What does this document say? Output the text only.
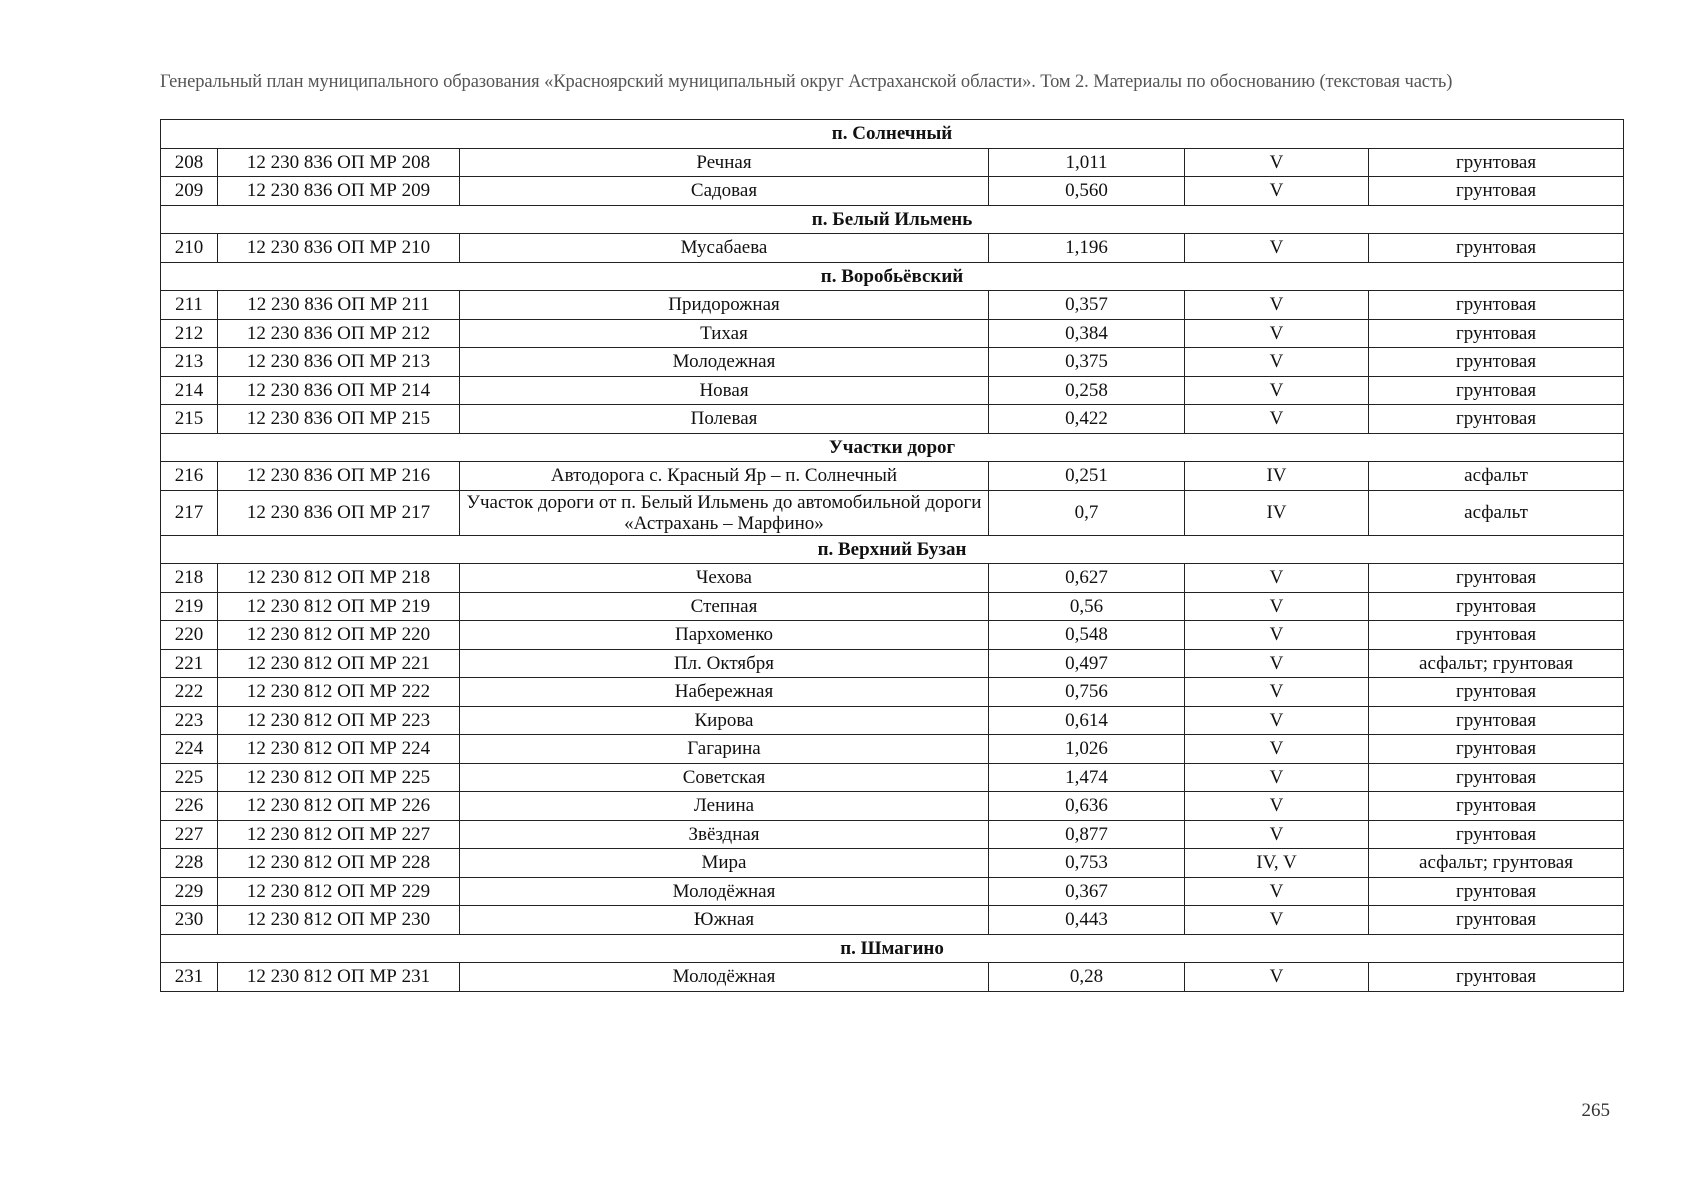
Генеральный план муниципального образования «Красноярский муниципальный округ Астраханской области». Том 2. Материалы по обоснованию (текстовая часть)
п. Солнечный					
208	12 230 836 ОП МР 208	Речная	1,011	V	грунтовая
209	12 230 836 ОП МР 209	Садовая	0,560	V	грунтовая
п. Белый Ильмень					
210	12 230 836 ОП МР 210	Мусабаева	1,196	V	грунтовая
п. Воробьёвский					
211	12 230 836 ОП МР 211	Придорожная	0,357	V	грунтовая
212	12 230 836 ОП МР 212	Тихая	0,384	V	грунтовая
213	12 230 836 ОП МР 213	Молодежная	0,375	V	грунтовая
214	12 230 836 ОП МР 214	Новая	0,258	V	грунтовая
215	12 230 836 ОП МР 215	Полевая	0,422	V	грунтовая
Участки дорог					
216	12 230 836 ОП МР 216	Автодорога с. Красный Яр – п. Солнечный	0,251	IV	асфальт
217	12 230 836 ОП МР 217	Участок дороги от п. Белый Ильмень до автомобильной дороги «Астрахань – Марфино»	0,7	IV	асфальт
п. Верхний Бузан					
218	12 230 812 ОП МР 218	Чехова	0,627	V	грунтовая
219	12 230 812 ОП МР 219	Степная	0,56	V	грунтовая
220	12 230 812 ОП МР 220	Пархоменко	0,548	V	грунтовая
221	12 230 812 ОП МР 221	Пл. Октября	0,497	V	асфальт; грунтовая
222	12 230 812 ОП МР 222	Набережная	0,756	V	грунтовая
223	12 230 812 ОП МР 223	Кирова	0,614	V	грунтовая
224	12 230 812 ОП МР 224	Гагарина	1,026	V	грунтовая
225	12 230 812 ОП МР 225	Советская	1,474	V	грунтовая
226	12 230 812 ОП МР 226	Ленина	0,636	V	грунтовая
227	12 230 812 ОП МР 227	Звёздная	0,877	V	грунтовая
228	12 230 812 ОП МР 228	Мира	0,753	IV, V	асфальт; грунтовая
229	12 230 812 ОП МР 229	Молодёжная	0,367	V	грунтовая
230	12 230 812 ОП МР 230	Южная	0,443	V	грунтовая
п. Шмагино					
231	12 230 812 ОП МР 231	Молодёжная	0,28	V	грунтовая
265
